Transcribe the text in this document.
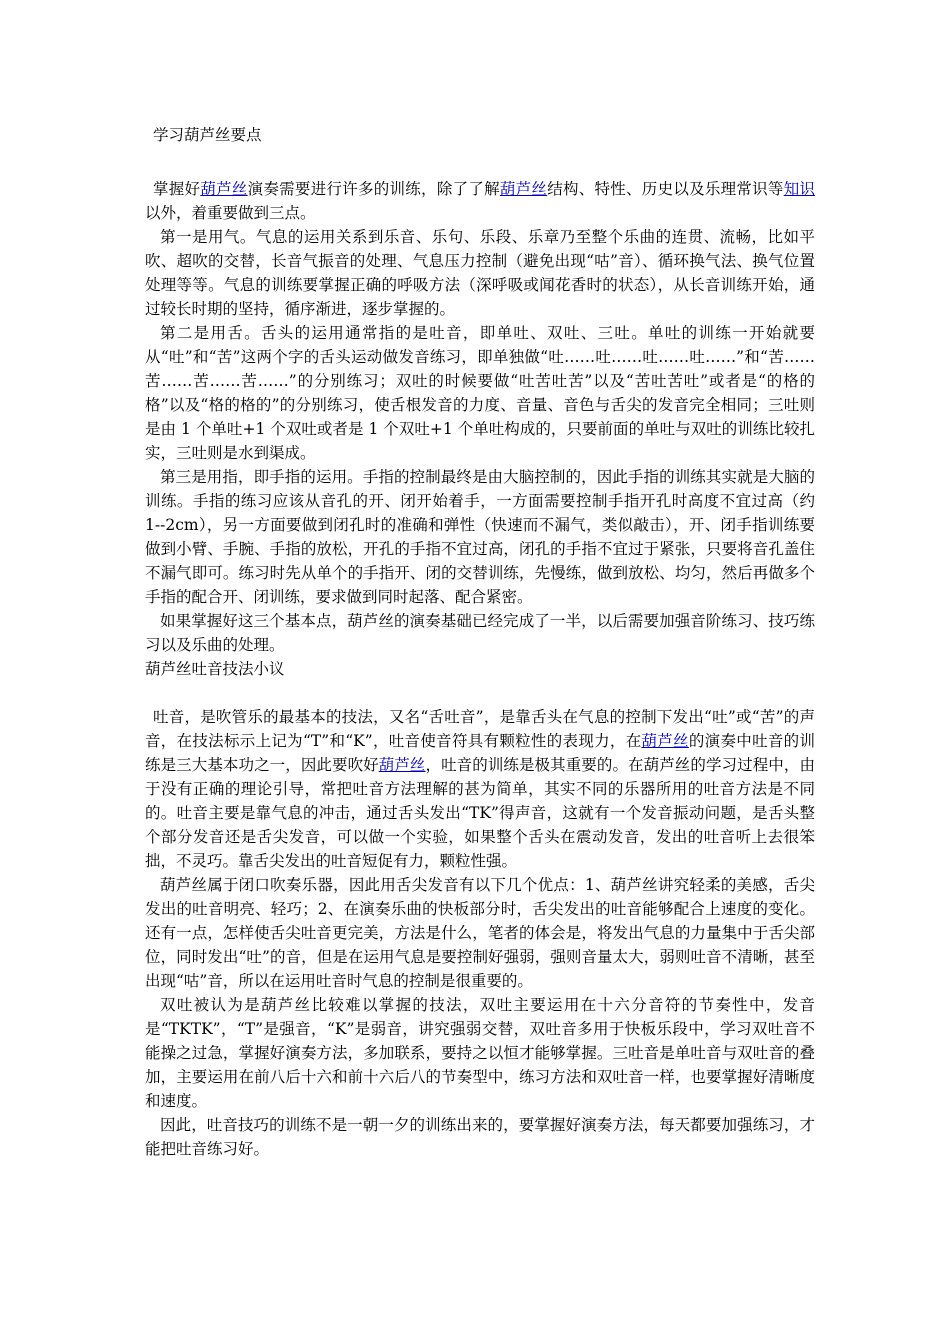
学习葫芦丝要点

掌握好葫芦丝演奏需要进行许多的训练，除了了解葫芦丝结构、特性、历史以及乐理常识等知识以外，着重要做到三点。

第一是用气。气息的运用关系到乐音、乐句、乐段、乐章乃至整个乐曲的连贯、流畅，比如平吹、超吹的交替，长音气振音的处理、气息压力控制（避免出现“咕”音）、循环换气法、换气位置处理等等。气息的训练要掌握正确的呼吸方法（深呼吸或闻花香时的状态），从长音训练开始，通过较长时期的坚持，循序渐进，逐步掌握的。

第二是用舌。舌头的运用通常指的是吐音，即单吐、双吐、三吐。单吐的训练一开始就要从“吐”和“苦”这两个字的舌头运动做发音练习，即单独做“吐……吐……吐……吐……”和“苦……苦……苦……苦……”的分别练习；双吐的时候要做“吐苦吐苦”以及“苦吐苦吐”或者是“的格的格”以及“格的格的”的分别练习，使舌根发音的力度、音量、音色与舌尖的发音完全相同；三吐则是由 1 个单吐+1 个双吐或者是 1 个双吐+1 个单吐构成的，只要前面的单吐与双吐的训练比较扎实，三吐则是水到渠成。

第三是用指，即手指的运用。手指的控制最终是由大脑控制的，因此手指的训练其实就是大脑的训练。手指的练习应该从音孔的开、闭开始着手，一方面需要控制手指开孔时高度不宜过高（约 1--2cm），另一方面要做到闭孔时的准确和弹性（快速而不漏气，类似敲击），开、闭手指训练要做到小臂、手腕、手指的放松，开孔的手指不宜过高，闭孔的手指不宜过于紧张，只要将音孔盖住不漏气即可。练习时先从单个的手指开、闭的交替训练，先慢练，做到放松、均匀，然后再做多个手指的配合开、闭训练，要求做到同时起落、配合紧密。

如果掌握好这三个基本点，葫芦丝的演奏基础已经完成了一半，以后需要加强音阶练习、技巧练习以及乐曲的处理。

葫芦丝吐音技法小议

吐音，是吹管乐的最基本的技法，又名“舌吐音”，是靠舌头在气息的控制下发出“吐”或“苦”的声音，在技法标示上记为“T”和“K”，吐音使音符具有颗粒性的表现力，在葫芦丝的演奏中吐音的训练是三大基本功之一，因此要吹好葫芦丝，吐音的训练是极其重要的。在葫芦丝的学习过程中，由于没有正确的理论引导，常把吐音方法理解的甚为简单，其实不同的乐器所用的吐音方法是不同的。吐音主要是靠气息的冲击，通过舌头发出“TK”得声音，这就有一个发音振动问题，是舌头整个部分发音还是舌尖发音，可以做一个实验，如果整个舌头在震动发音，发出的吐音听上去很笨拙，不灵巧。靠舌尖发出的吐音短促有力，颗粒性强。

葫芦丝属于闭口吹奏乐器，因此用舌尖发音有以下几个优点：1、葫芦丝讲究轻柔的美感，舌尖发出的吐音明亮、轻巧；2、在演奏乐曲的快板部分时，舌尖发出的吐音能够配合上速度的变化。还有一点，怎样使舌尖吐音更完美，方法是什么，笔者的体会是，将发出气息的力量集中于舌尖部位，同时发出“吐”的音，但是在运用气息是要控制好强弱，强则音量太大，弱则吐音不清晰，甚至出现“咕”音，所以在运用吐音时气息的控制是很重要的。

双吐被认为是葫芦丝比较难以掌握的技法，双吐主要运用在十六分音符的节奏性中，发音是“TKTK”，“T”是强音，“K”是弱音，讲究强弱交替，双吐音多用于快板乐段中，学习双吐音不能操之过急，掌握好演奏方法，多加联系，要持之以恒才能够掌握。三吐音是单吐音与双吐音的叠加，主要运用在前八后十六和前十六后八的节奏型中，练习方法和双吐音一样，也要掌握好清晰度和速度。

因此，吐音技巧的训练不是一朝一夕的训练出来的，要掌握好演奏方法，每天都要加强练习，才能把吐音练习好。
